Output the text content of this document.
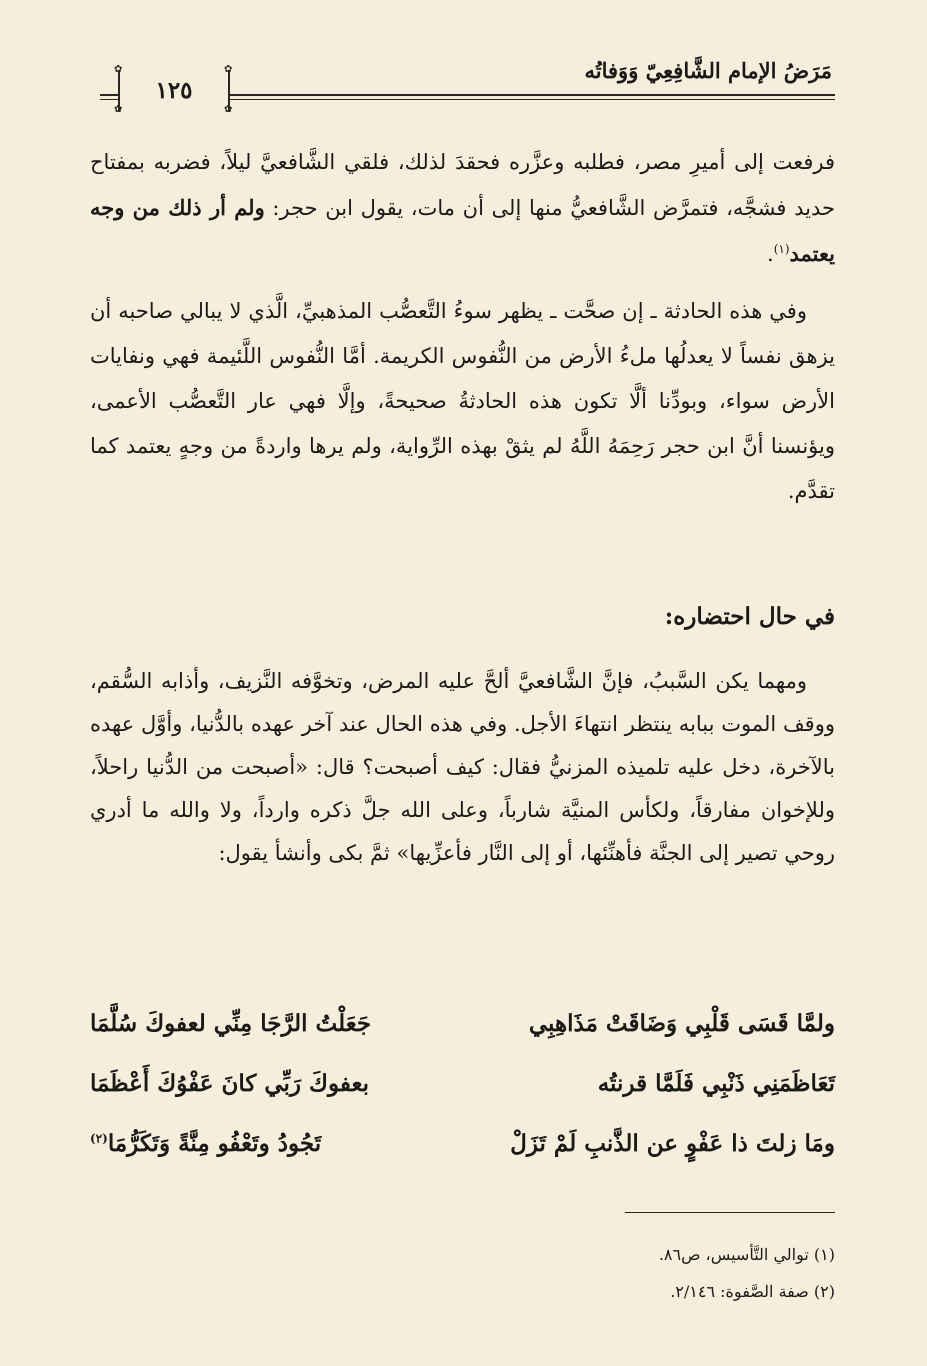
مَرَضُ الإمام الشَّافِعِيّ وَوَفاتُه
١٢٥
✿	✿
✿	✿

فرفعت إلى أميرِ مصر، فطلبه وعزَّره فحقدَ لذلك، فلقي الشَّافعيَّ ليلاً، فضربه بمفتاح حديد فشجَّه، فتمرَّض الشَّافعيُّ منها إلى أن مات، يقول ابن حجر: ولم أر ذلك من وجه يعتمد$^{(١)}$.

وفي هذه الحادثة ـ إن صحَّت ـ يظهر سوءُ التَّعصُّب المذهبيِّ، الَّذي لا يبالي صاحبه أن يزهق نفساً لا يعدلُها ملءُ الأرض من النُّفوس الكريمة. أمَّا النُّفوس اللَّئيمة فهي ونفايات الأرض سواء، وبودِّنا ألَّا تكون هذه الحادثةُ صحيحةً، وإلَّا فهي عار التَّعصُّب الأعمى، ويؤنسنا أنَّ ابن حجر رَحِمَهُ اللَّهُ لم يثقْ بهذه الرِّواية، ولم يرها واردةً من وجهٍ يعتمد كما تقدَّم.

في حال احتضاره:

ومهما يكن السَّببُ، فإنَّ الشَّافعيَّ ألحَّ عليه المرض، وتخوَّفه النَّزيف، وأذابه السُّقم، ووقف الموت ببابه ينتظر انتهاءَ الأجل. وفي هذه الحال عند آخر عهده بالدُّنيا، وأوَّل عهده بالآخرة، دخل عليه تلميذه المزنيُّ فقال: كيف أصبحت؟ قال: «أصبحت من الدُّنيا راحلاً، وللإخوان مفارقاً، ولكأس المنيَّة شارباً، وعلى الله جلَّ ذكره وارداً، ولا والله ما أدري روحي تصير إلى الجنَّة فأهنِّئها، أو إلى النَّار فأعزِّيها» ثمَّ بكى وأنشأ يقول:

ولمَّا قَسَى قَلْبِي وَضَاقَتْ مَذَاهِبِي
جَعَلْتُ الرَّجَا مِنِّي لعفوكَ سُلَّمَا
تَعَاظَمَنِي ذَنْبِي فَلَمَّا قرنتُه
بعفوكَ رَبِّي كانَ عَفْوُكَ أَعْظَمَا
ومَا زلتَ ذا عَفْوٍ عن الذَّنبِ لَمْ تَزَلْ
تَجُودُ وتَعْفُو مِنَّةً وَتَكَرُّمَا$^{(٢)}$
(١) توالي التَّأسيس، ص٨٦.
(٢) صفة الصَّفوة: ٢/١٤٦.
